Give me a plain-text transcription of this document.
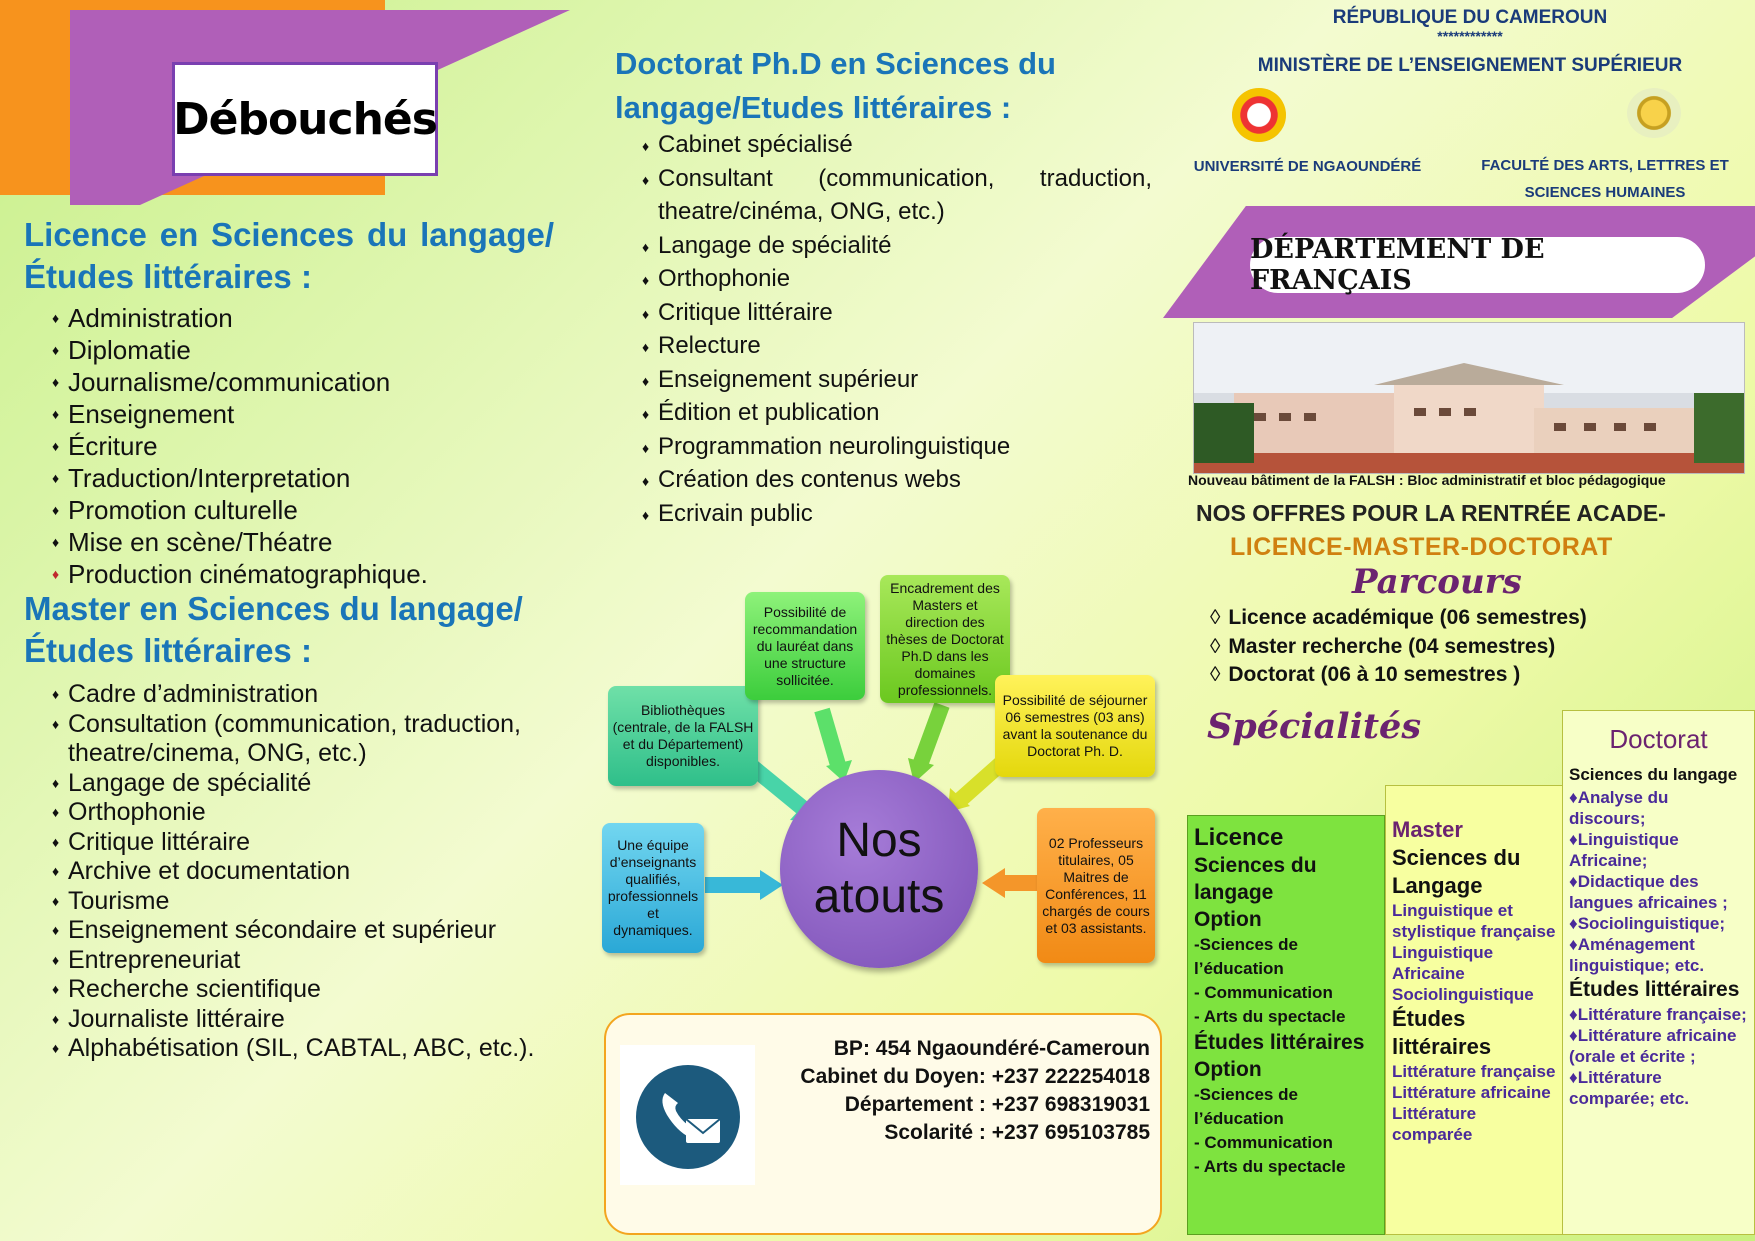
Débouchés
Licence en Sciences du langage/Études littéraires :
♦ Administration
♦ Diplomatie
♦ Journalisme/communication
♦ Enseignement
♦ Écriture
♦ Traduction/Interpretation
♦ Promotion culturelle
♦ Mise en scène/Théatre
♦ Production cinématographique.
Master en Sciences du langage/Études littéraires :
♦ Cadre d’administration
♦ Consultation (communication, traduction, theatre/cinema, ONG, etc.)
♦ Langage de spécialité
♦ Orthophonie
♦ Critique littéraire
♦ Archive et documentation
♦ Tourisme
♦ Enseignement sécondaire et supérieur
♦ Entrepreneuriat
♦ Recherche scientifique
♦ Journaliste littéraire
♦ Alphabétisation (SIL, CABTAL, ABC, etc.).
Doctorat Ph.D en Sciences du langage/Etudes littéraires :
♦ Cabinet spécialisé
♦ Consultant (communication, traduction, theatre/cinéma, ONG, etc.)
♦ Langage de spécialité
♦ Orthophonie
♦ Critique littéraire
♦ Relecture
♦ Enseignement supérieur
♦ Édition et publication
♦ Programmation neurolinguistique
♦ Création des contenus webs
♦ Ecrivain public
Bibliothèques (centrale, de la FALSH et du Département) disponibles.
Possibilité de recommandation du lauréat dans une structure sollicitée.
Encadrement des Masters et direction des thèses de Doctorat Ph.D dans les domaines professionnels.
Possibilité de séjourner 06 semestres (03 ans) avant la soutenance du Doctorat Ph. D.
Une équipe d’enseignants qualifiés, professionnels et dynamiques.
02 Professeurs titulaires, 05 Maitres de Conférences, 11 chargés de cours et 03 assistants.
Nos atouts
BP: 454 Ngaoundéré-Cameroun
Cabinet du Doyen: +237 222254018
Département : +237 698319031
Scolarité : +237 695103785
RÉPUBLIQUE DU CAMEROUN
************
MINISTÈRE DE L’ENSEIGNEMENT SUPÉRIEUR
UNIVERSITÉ DE NGAOUNDÉRÉ	FACULTÉ DES ARTS, LETTRES ET SCIENCES HUMAINES
DÉPARTEMENT DE FRANÇAIS
Nouveau bâtiment de la FALSH : Bloc administratif et bloc pédagogique
NOS OFFRES POUR LA RENTRÉE ACADE-
LICENCE-MASTER-DOCTORAT
Parcours
◊ Licence académique (06 semestres)
◊ Master recherche (04 semestres)
◊ Doctorat (06 à 10 semestres )
Spécialités
Licence
Sciences du langage
Option
-Sciences de l’éducation
- Communication
- Arts du spectacle
Études littéraires
Option
-Sciences de l’éducation
- Communication
- Arts du spectacle
Master
Sciences du Langage
Linguistique et stylistique française
Linguistique Africaine
Sociolinguistique
Études littéraires
Littérature française
Littérature africaine
Littérature comparée
Doctorat
Sciences du langage
♦ Analyse du discours;
♦ Linguistique Africaine;
♦ Didactique des langues africaines ;
♦ Sociolinguistique;
♦ Aménagement linguistique; etc.
Études littéraires
♦ Littérature française;
♦ Littérature africaine (orale et écrite ;
♦ Littérature comparée; etc.
